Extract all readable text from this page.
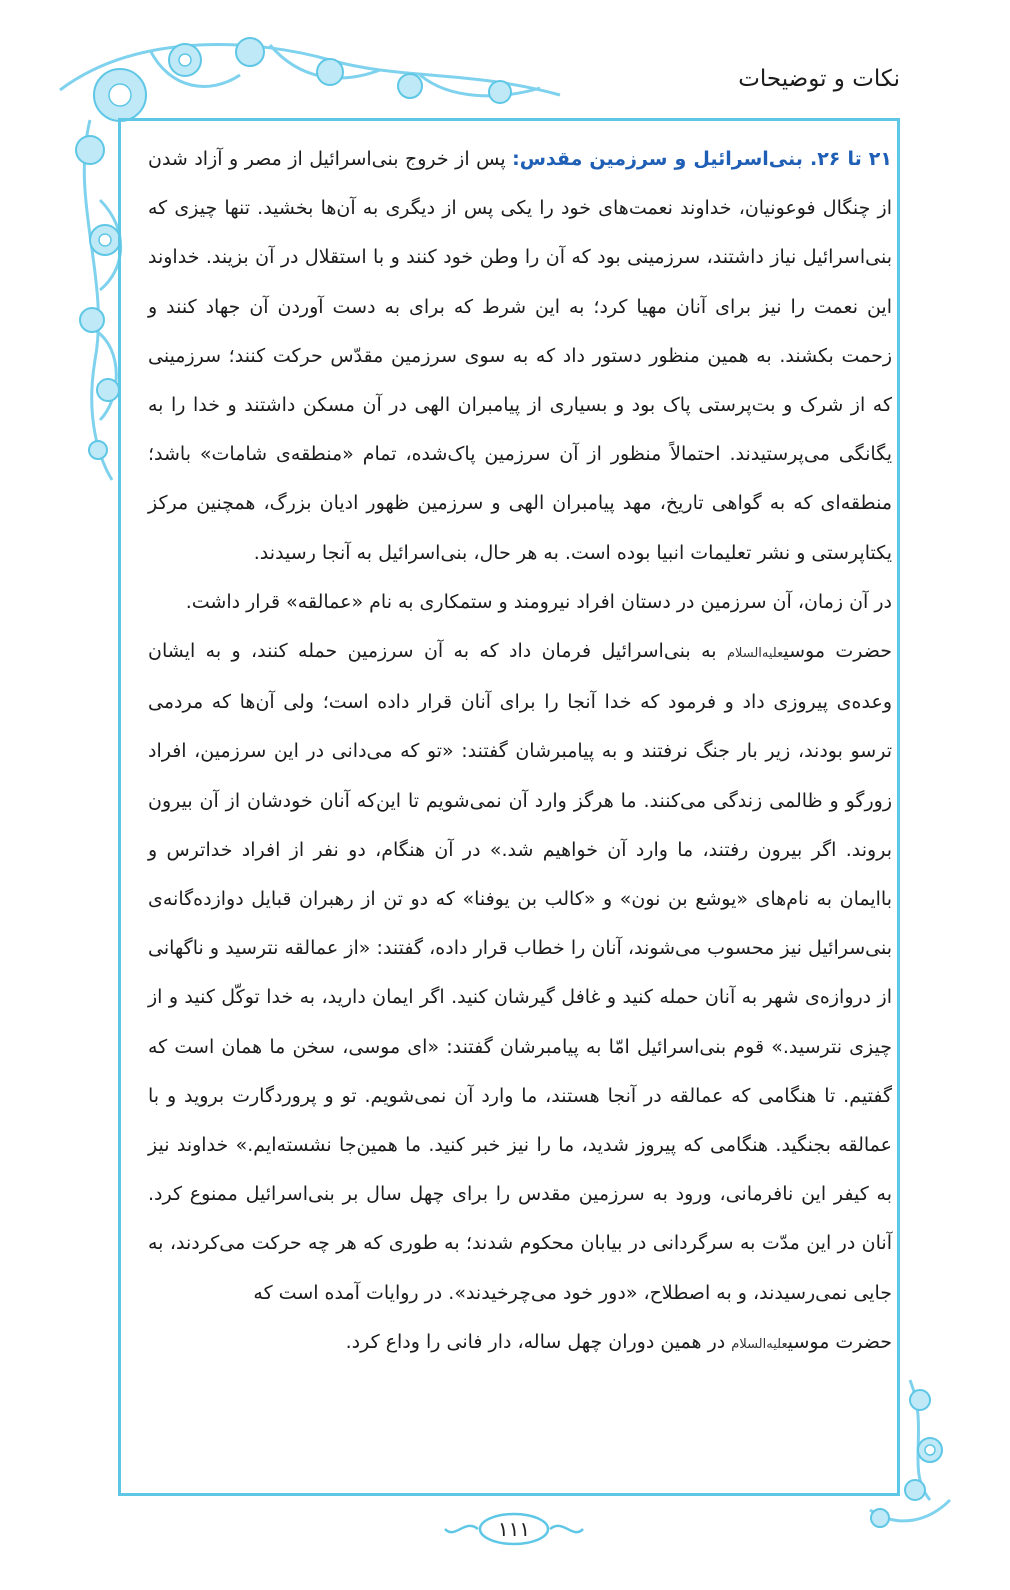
نکات و توضیحات

۲۱ تا ۲۶. بنی‌اسرائیل و سرزمین مقدس: پس از خروج بنی‌اسرائیل از مصر و آزاد شدن از چنگال فوعونیان، خداوند نعمت‌های خود را یکی پس از دیگری به آن‌ها بخشید. تنها چیزی که بنی‌اسرائیل نیاز داشتند، سرزمینی بود که آن را وطن خود کنند و با استقلال در آن بزیند. خداوند این نعمت را نیز برای آنان مهیا کرد؛ به این شرط که برای به دست آوردن آن جهاد کنند و زحمت بکشند. به همین منظور دستور داد که به سوی سرزمین مقدّس حرکت کنند؛ سرزمینی که از شرک و بت‌پرستی پاک بود و بسیاری از پیامبران الهی در آن مسکن داشتند و خدا را به یگانگی می‌پرستیدند. احتمالاً منظور از آن سرزمین پاک‌شده، تمام «منطقه‌ی شامات» باشد؛ منطقه‌ای که به گواهی تاریخ، مهد پیامبران الهی و سرزمین ظهور ادیان بزرگ، همچنین مرکز یکتاپرستی و نشر تعلیمات انبیا بوده است. به هر حال، بنی‌اسرائیل به آنجا رسیدند.

در آن زمان، آن سرزمین در دستان افراد نیرومند و ستمکاری به نام «عمالقه» قرار داشت.

حضرت موسیعلیه‌السلام به بنی‌اسرائیل فرمان داد که به آن سرزمین حمله کنند، و به ایشان وعده‌ی پیروزی داد و فرمود که خدا آنجا را برای آنان قرار داده است؛ ولی آن‌ها که مردمی ترسو بودند، زیر بار جنگ نرفتند و به پیامبرشان گفتند: «تو که می‌دانی در این سرزمین، افراد زورگو و ظالمی زندگی می‌کنند. ما هرگز وارد آن نمی‌شویم تا این‌که آنان خودشان از آن بیرون بروند. اگر بیرون رفتند، ما وارد آن خواهیم شد.» در آن هنگام، دو نفر از افراد خداترس و باایمان به نام‌های «یوشع بن نون» و «کالب بن یوفنا» که دو تن از رهبران قبایل دوازده‌گانه‌ی بنی‌سرائیل نیز محسوب می‌شوند، آنان را خطاب قرار داده، گفتند: «از عمالقه نترسید و ناگهانی از دروازه‌ی شهر به آنان حمله کنید و غافل گیرشان کنید. اگر ایمان دارید، به خدا توکّل کنید و از چیزی نترسید.» قوم بنی‌اسرائیل امّا به پیامبرشان گفتند: «ای موسی، سخن ما همان است که گفتیم. تا هنگامی که عمالقه در آنجا هستند، ما وارد آن نمی‌شویم. تو و پروردگارت بروید و با عمالقه بجنگید. هنگامی که پیروز شدید، ما را نیز خبر کنید. ما همین‌جا نشسته‌ایم.» خداوند نیز به کیفر این نافرمانی، ورود به سرزمین مقدس را برای چهل سال بر بنی‌اسرائیل ممنوع کرد. آنان در این مدّت به سرگردانی در بیابان محکوم شدند؛ به طوری که هر چه حرکت می‌کردند، به جایی نمی‌رسیدند، و به اصطلاح، «دور خود می‌چرخیدند». در روایات آمده است که

حضرت موسیعلیه‌السلام در همین دوران چهل ساله، دار فانی را وداع کرد.

۱۱۱
